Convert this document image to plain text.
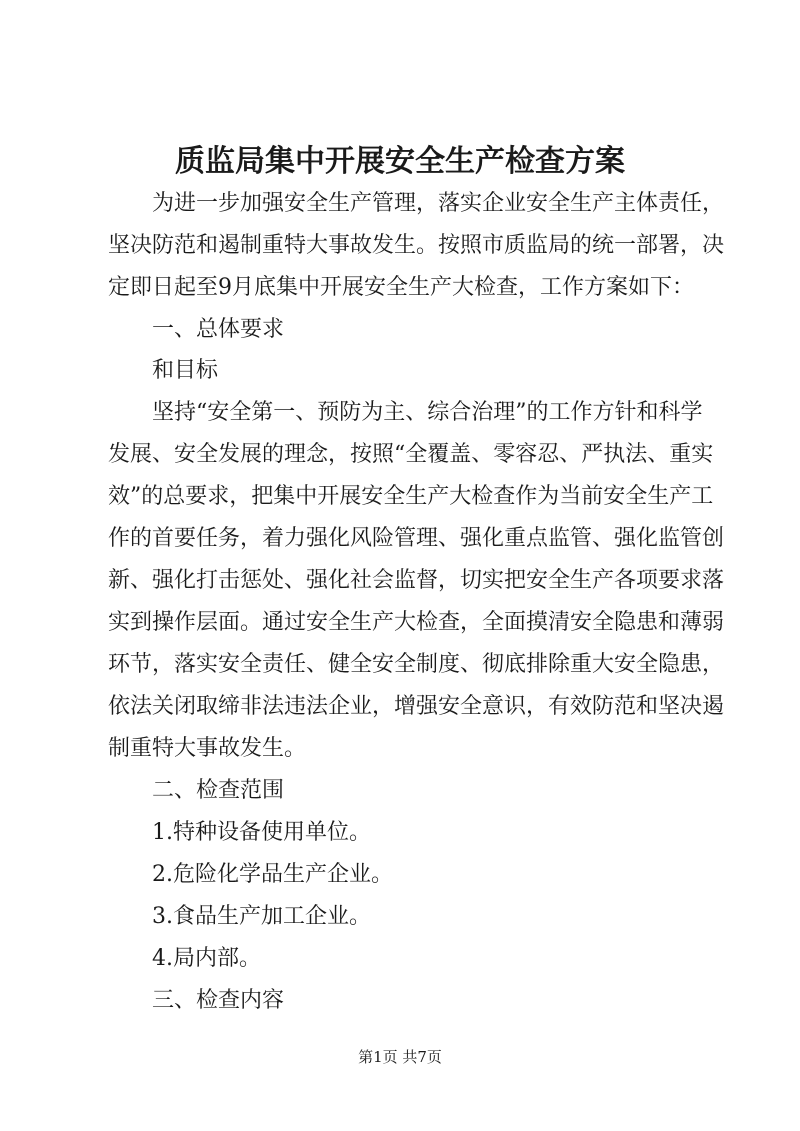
质监局集中开展安全生产检查方案
　　为进一步加强安全生产管理，落实企业安全生产主体责任，
坚决防范和遏制重特大事故发生。按照市质监局的统一部署，决
定即日起至9月底集中开展安全生产大检查，工作方案如下：
　　一、总体要求
　　和目标
　　坚持“安全第一、预防为主、综合治理”的工作方针和科学
发展、安全发展的理念，按照“全覆盖、零容忍、严执法、重实
效”的总要求，把集中开展安全生产大检查作为当前安全生产工
作的首要任务，着力强化风险管理、强化重点监管、强化监管创
新、强化打击惩处、强化社会监督，切实把安全生产各项要求落
实到操作层面。通过安全生产大检查，全面摸清安全隐患和薄弱
环节，落实安全责任、健全安全制度、彻底排除重大安全隐患，
依法关闭取缔非法违法企业，增强安全意识，有效防范和坚决遏
制重特大事故发生。
　　二、检查范围
　　1.特种设备使用单位。
　　2.危险化学品生产企业。
　　3.食品生产加工企业。
　　4.局内部。
　　三、检查内容
第1页 共7页
